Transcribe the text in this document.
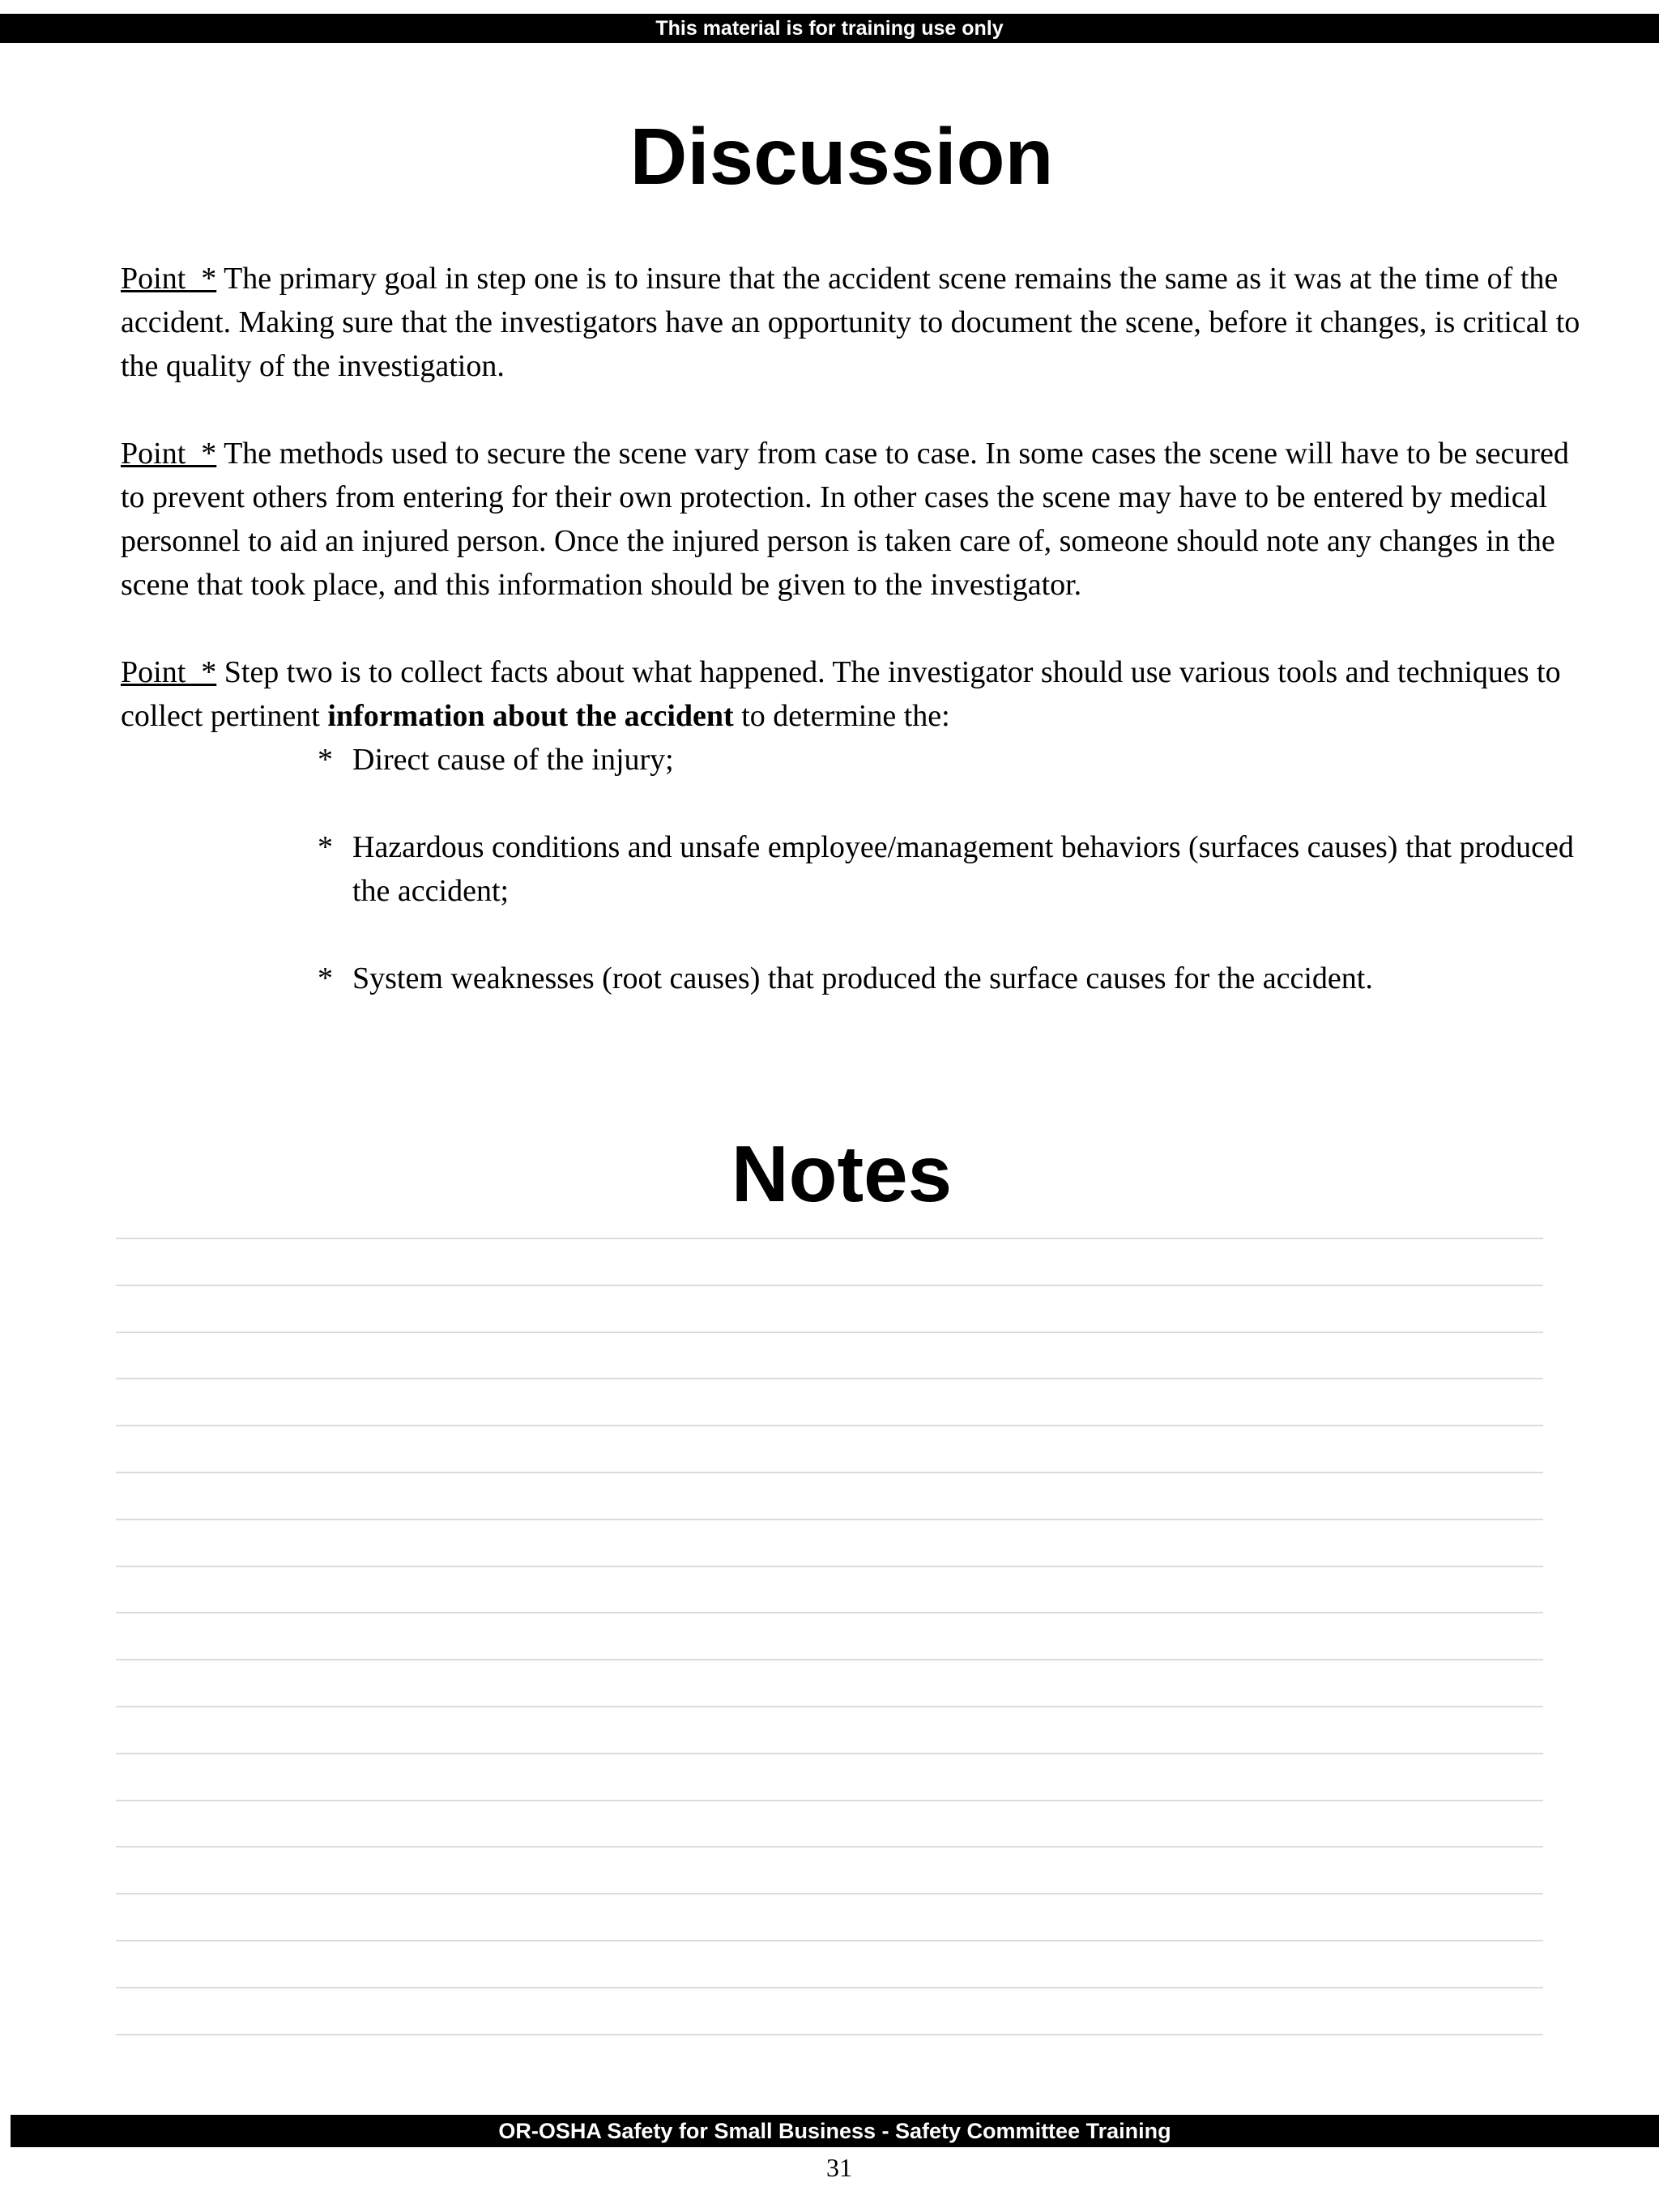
This material is for training use only
Discussion

Point  * The primary goal in step one is to insure that the accident scene remains the same as it was at the time of the accident. Making sure that the investigators have an opportunity to document the scene, before it changes, is critical to the quality of the investigation.

Point  * The methods used to secure the scene vary from case to case. In some cases the scene will have to be secured to prevent others from entering for their own protection. In other cases the scene may have to be entered by medical personnel to aid an injured person. Once the injured person is taken care of, someone should note any changes in the scene that took place, and this information should be given to the investigator.

Point  * Step two is to collect facts about what happened. The investigator should use various tools and techniques to collect pertinent information about the accident to determine the:

* Direct cause of the injury;
* Hazardous conditions and unsafe employee/management behaviors (surfaces causes) that produced the accident;
* System weaknesses (root causes) that produced the surface causes for the accident.
Notes
OR-OSHA Safety for Small Business - Safety Committee Training
31
